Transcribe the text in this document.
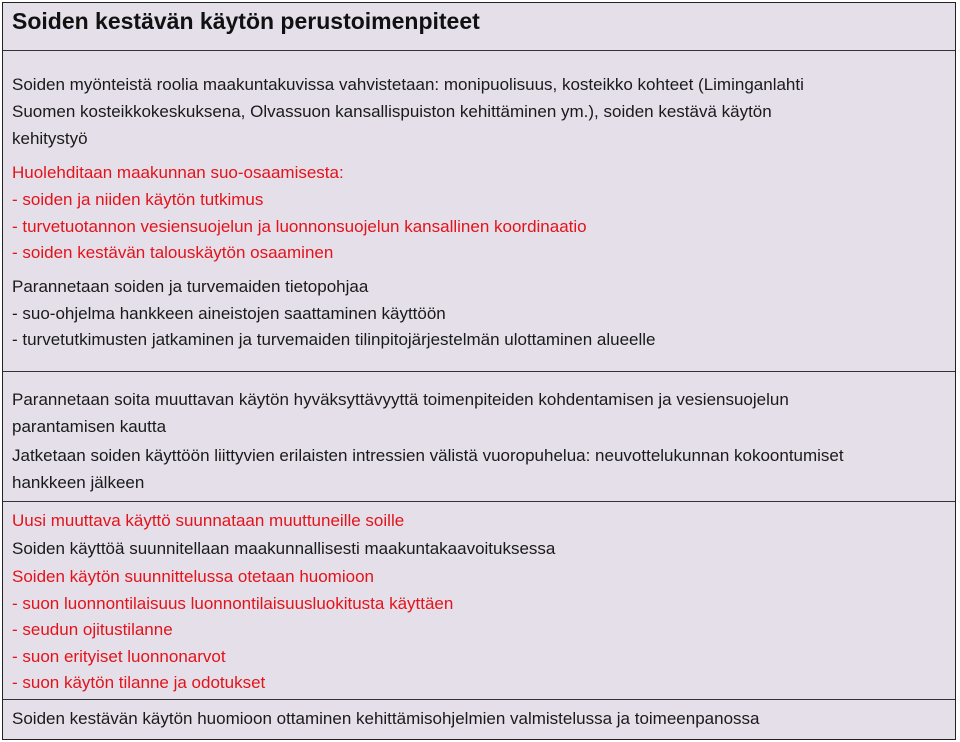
Soiden kestävän käytön perustoimenpiteet
Soiden myönteistä roolia maakuntakuvissa vahvistetaan: monipuolisuus, kosteikko kohteet (Liminganlahti
Suomen kosteikkokeskuksena, Olvassuon kansallispuiston kehittäminen ym.), soiden kestävä käytön
kehitystyö
Huolehditaan maakunnan suo-osaamisesta:
- soiden ja niiden käytön tutkimus
- turvetuotannon vesiensuojelun ja luonnonsuojelun kansallinen koordinaatio
- soiden kestävän talouskäytön osaaminen
Parannetaan soiden ja turvemaiden tietopohjaa
- suo-ohjelma hankkeen aineistojen saattaminen käyttöön
- turvetutkimusten jatkaminen ja turvemaiden tilinpitojärjestelmän ulottaminen alueelle
Parannetaan soita muuttavan käytön hyväksyttävyyttä toimenpiteiden kohdentamisen ja vesiensuojelun
parantamisen kautta
Jatketaan soiden käyttöön liittyvien erilaisten intressien välistä vuoropuhelua: neuvottelukunnan kokoontumiset
hankkeen jälkeen
Uusi muuttava käyttö suunnataan muuttuneille soille
Soiden käyttöä suunnitellaan maakunnallisesti maakuntakaavoituksessa
Soiden käytön suunnittelussa otetaan huomioon
- suon luonnontilaisuus luonnontilaisuusluokitusta käyttäen
- seudun ojitustilanne
- suon erityiset luonnonarvot
- suon käytön tilanne ja odotukset
Soiden kestävän käytön huomioon ottaminen kehittämisohjelmien valmistelussa ja toimeenpanossa
